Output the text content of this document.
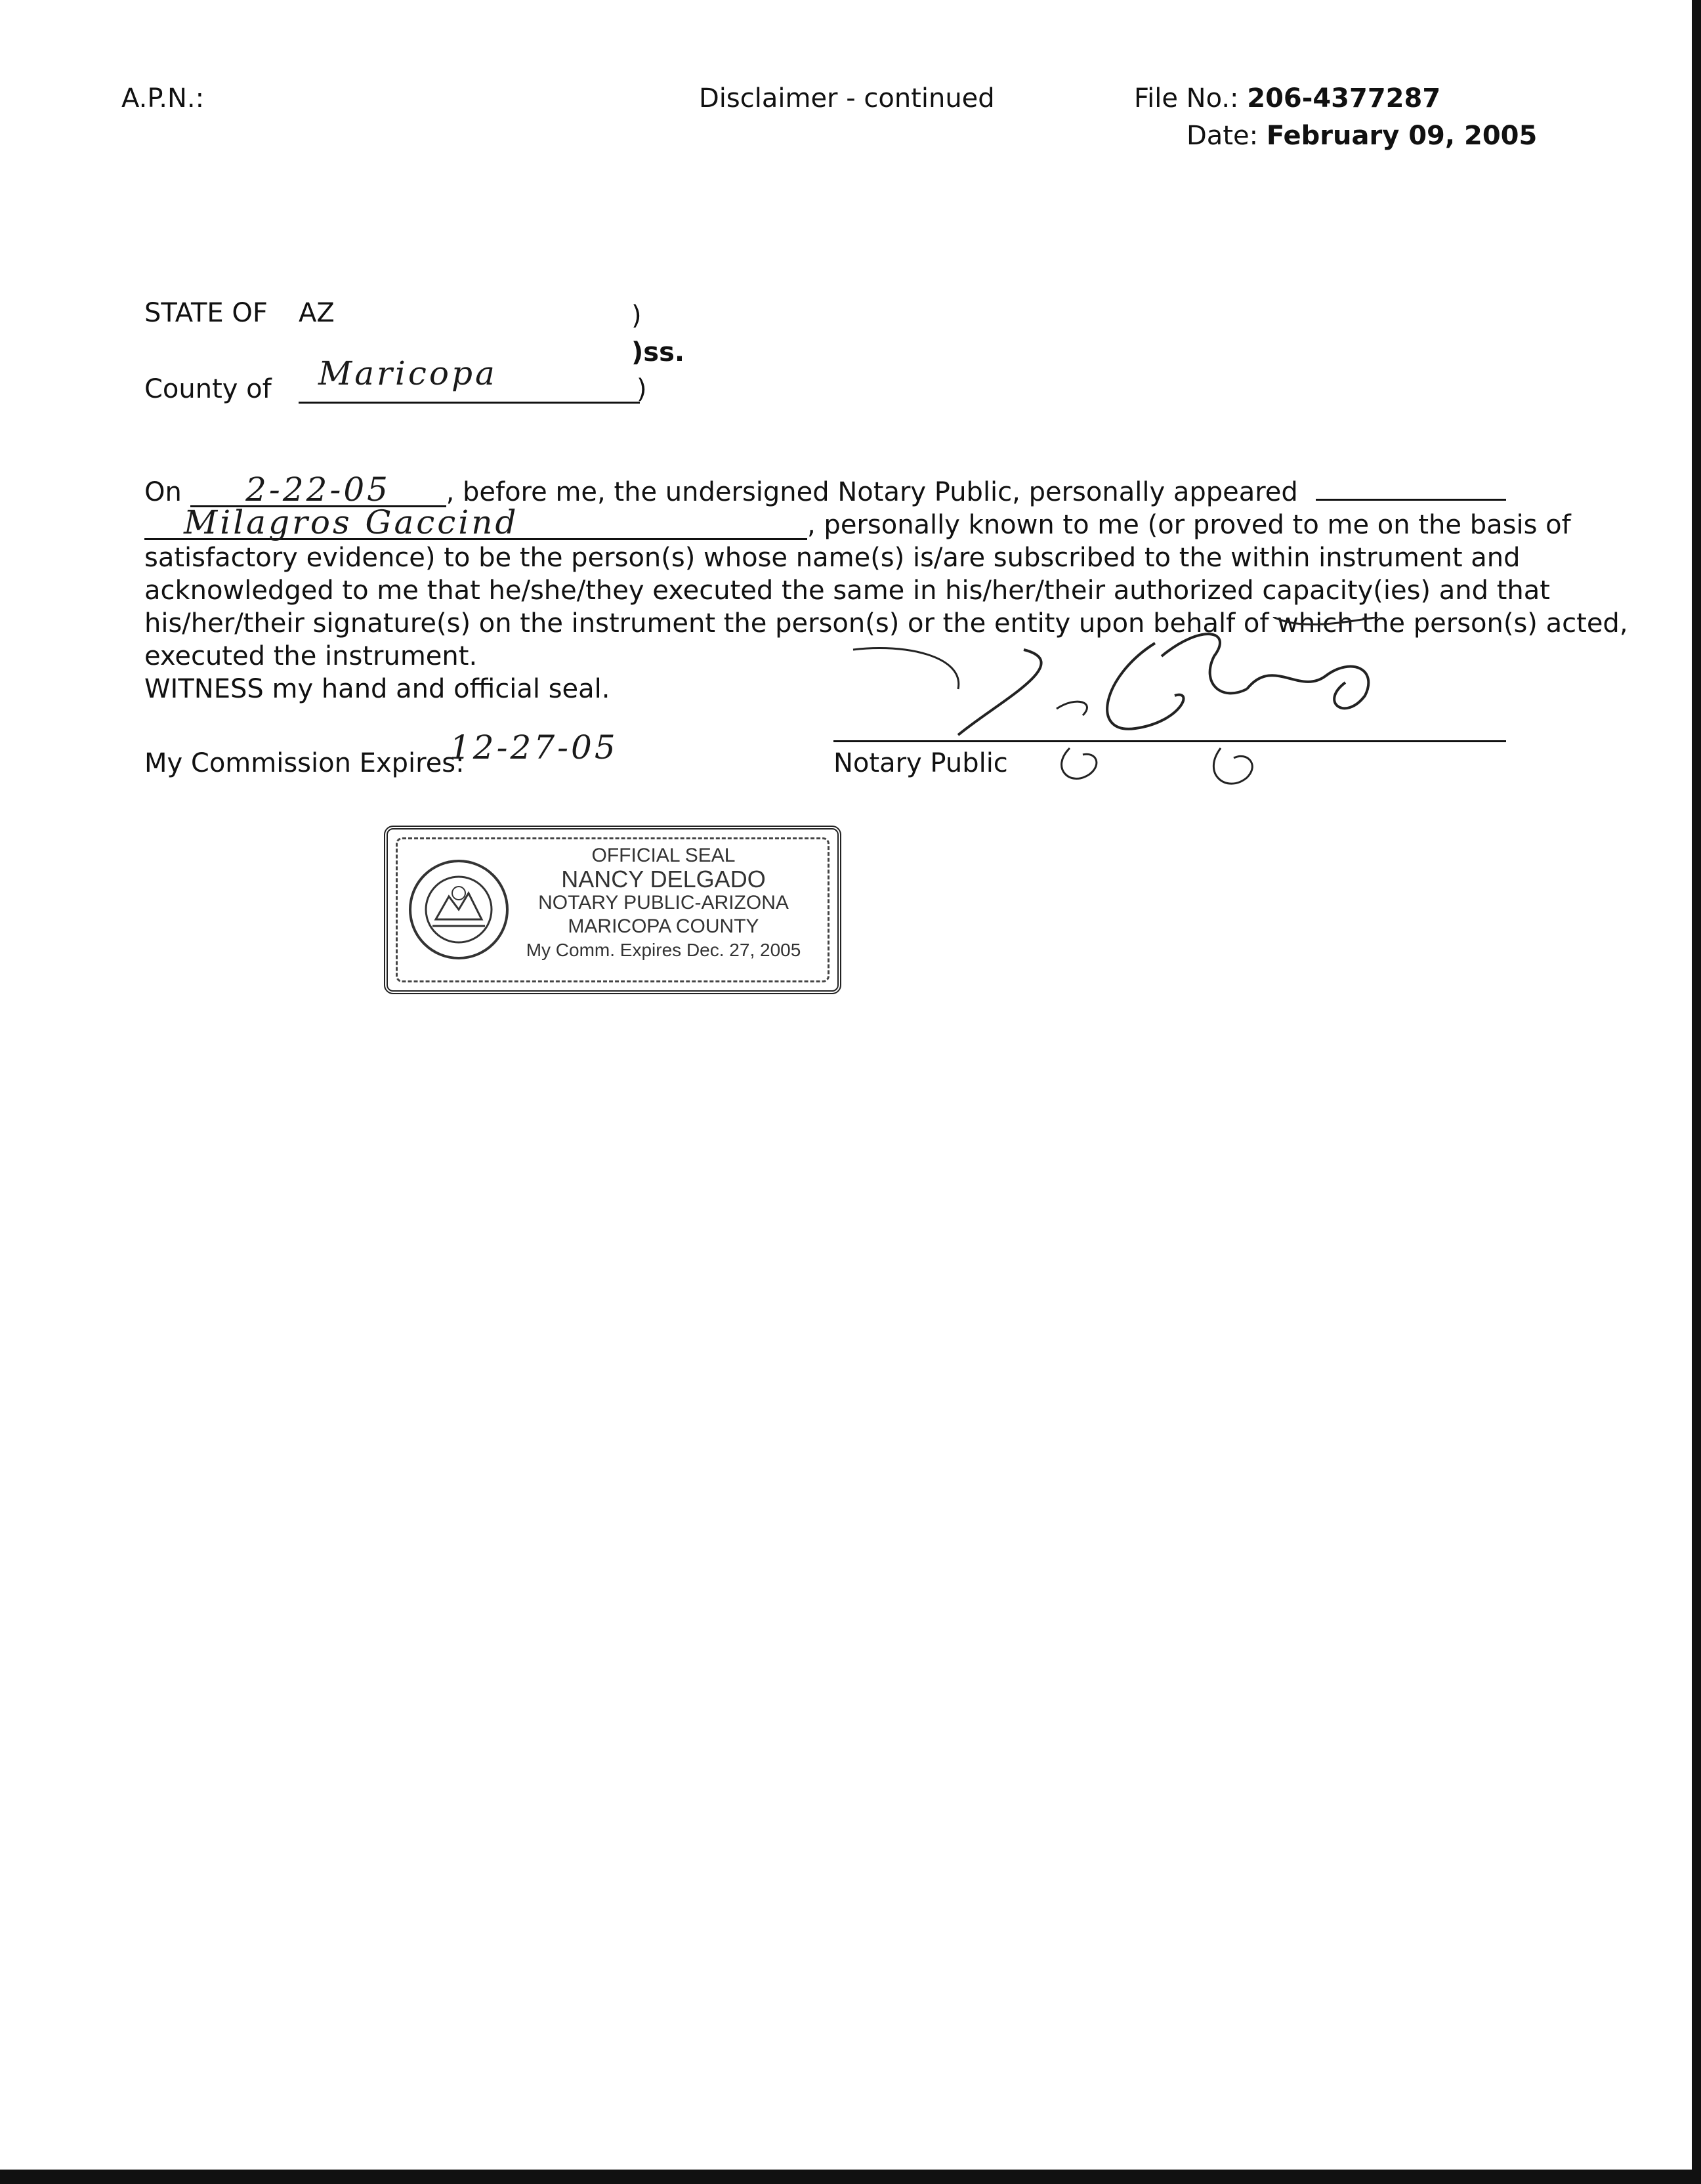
A.P.N.:	Disclaimer - continued	File No.: 206-4377287
Date: February 09, 2005
STATE OF AZ	)
)ss.
County of Maricopa	)
On 2-22-05 , before me, the undersigned Notary Public, personally appeared
Milagros Gaccind	, personally known to me (or proved to me on the basis of
satisfactory evidence) to be the person(s) whose name(s) is/are subscribed to the within instrument and
acknowledged to me that he/she/they executed the same in his/her/their authorized capacity(ies) and that
his/her/their signature(s) on the instrument the person(s) or the entity upon behalf of which the person(s) acted,
executed the instrument.
WITNESS my hand and official seal.
My Commission Expires:
12-27-05	Notary Public
OFFICIAL SEAL
NANCY DELGADO
NOTARY PUBLIC-ARIZONA
MARICOPA COUNTY
My Comm. Expires Dec. 27, 2005
